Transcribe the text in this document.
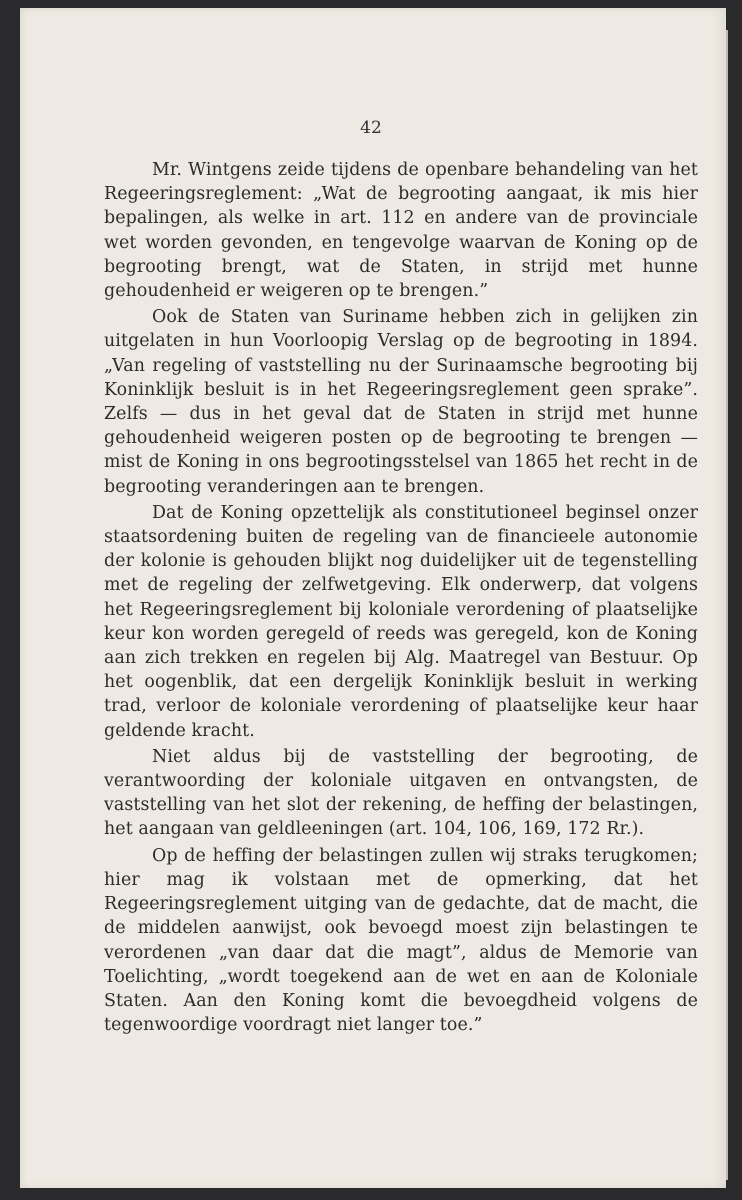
42

Mr. Wintgens zeide tijdens de openbare behandeling van het Regeeringsreglement: „Wat de begrooting aangaat, ik mis hier bepalingen, als welke in art. 112 en andere van de provinciale wet worden gevonden, en tengevolge waarvan de Koning op de begrooting brengt, wat de Staten, in strijd met hunne gehoudenheid er weigeren op te brengen.”

Ook de Staten van Suriname hebben zich in gelijken zin uitgelaten in hun Voorloopig Verslag op de begrooting in 1894. „Van regeling of vaststelling nu der Surinaamsche begrooting bij Koninklijk besluit is in het Regeeringsreglement geen sprake”. Zelfs — dus in het geval dat de Staten in strijd met hunne gehoudenheid weigeren posten op de begrooting te brengen — mist de Koning in ons begrootingsstelsel van 1865 het recht in de begrooting veranderingen aan te brengen.

Dat de Koning opzettelijk als constitutioneel beginsel onzer staatsordening buiten de regeling van de financieele autonomie der kolonie is gehouden blijkt nog duidelijker uit de tegenstelling met de regeling der zelfwetgeving. Elk onderwerp, dat volgens het Regeeringsreglement bij koloniale verordening of plaatselijke keur kon worden geregeld of reeds was geregeld, kon de Koning aan zich trekken en regelen bij Alg. Maatregel van Bestuur. Op het oogenblik, dat een dergelijk Koninklijk besluit in werking trad, verloor de koloniale verordening of plaatselijke keur haar geldende kracht.

Niet aldus bij de vaststelling der begrooting, de verantwoording der koloniale uitgaven en ontvangsten, de vaststelling van het slot der rekening, de heffing der belastingen, het aangaan van geldleeningen (art. 104, 106, 169, 172 Rr.).

Op de heffing der belastingen zullen wij straks terugkomen; hier mag ik volstaan met de opmerking, dat het Regeeringsreglement uitging van de gedachte, dat de macht, die de middelen aanwijst, ook bevoegd moest zijn belastingen te verordenen „van daar dat die magt”, aldus de Memorie van Toelichting, „wordt toegekend aan de wet en aan de Koloniale Staten. Aan den Koning komt die bevoegdheid volgens de tegenwoordige voordragt niet langer toe.”
